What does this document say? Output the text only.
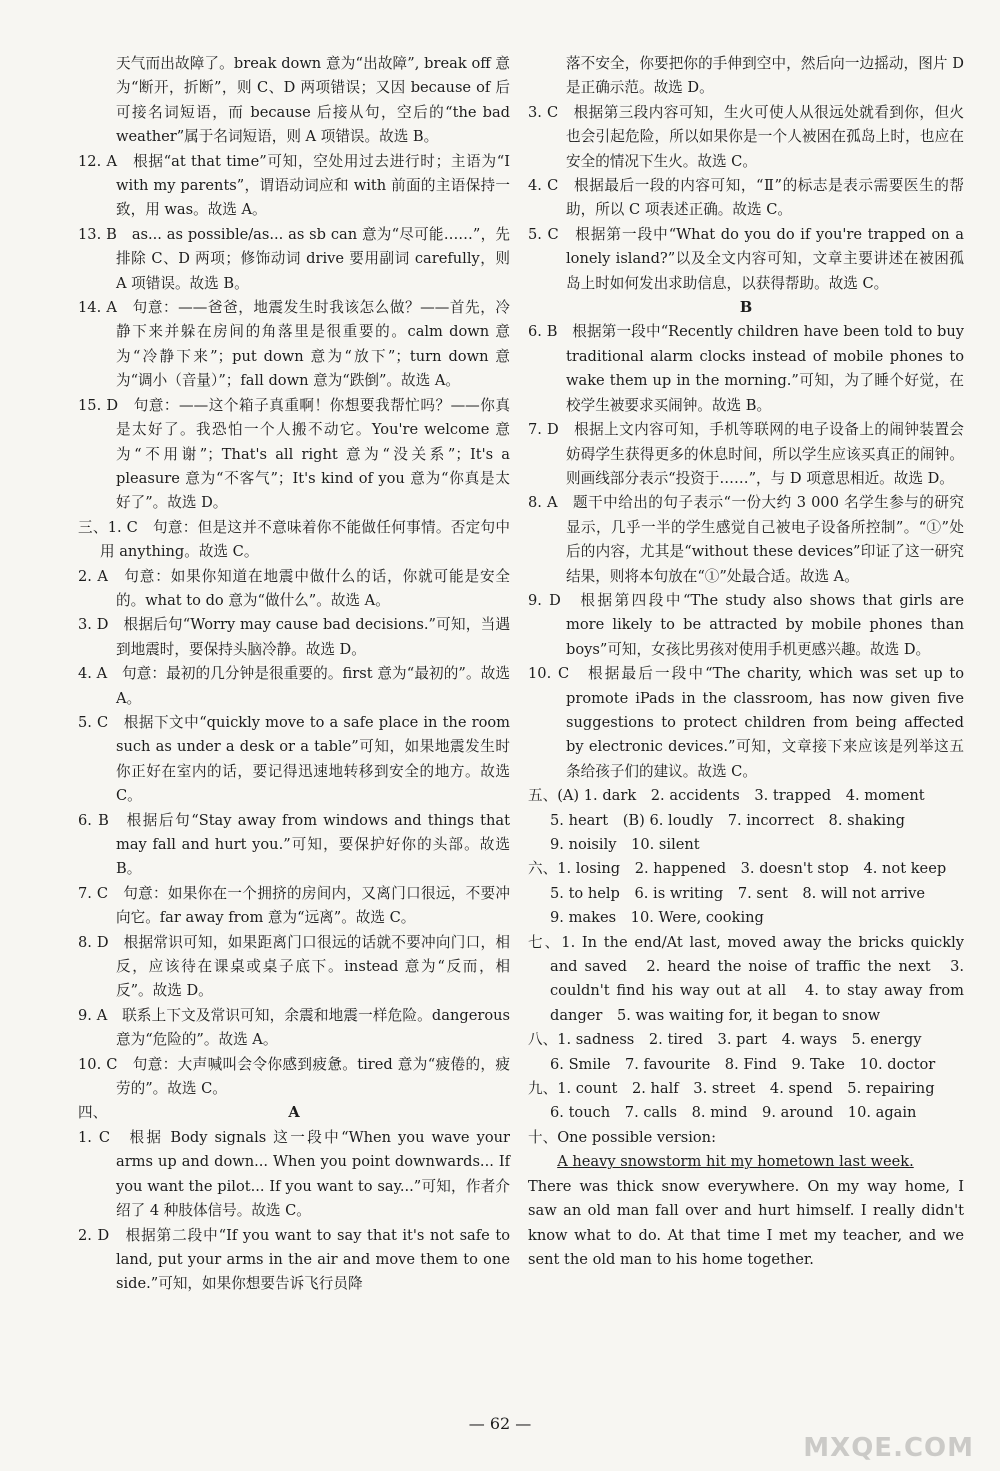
天气而出故障了。break down 意为“出故障”, break off 意为“断开，折断”，则 C、D 两项错误；又因 because of 后可接名词短语，而 because 后接从句，空后的“the bad weather”属于名词短语，则 A 项错误。故选 B。

12. A　根据“at that time”可知，空处用过去进行时；主语为“I with my parents”，谓语动词应和 with 前面的主语保持一致，用 was。故选 A。

13. B　as... as possible/as... as sb can 意为“尽可能……”，先排除 C、D 两项；修饰动词 drive 要用副词 carefully，则 A 项错误。故选 B。

14. A　句意：——爸爸，地震发生时我该怎么做？——首先，冷静下来并躲在房间的角落里是很重要的。calm down 意为“冷静下来”；put down 意为“放下”；turn down 意为“调小（音量）”；fall down 意为“跌倒”。故选 A。

15. D　句意：——这个箱子真重啊！你想要我帮忙吗？——你真是太好了。我恐怕一个人搬不动它。You're welcome 意为“不用谢”；That's all right 意为“没关系”；It's a pleasure 意为“不客气”；It's kind of you 意为“你真是太好了”。故选 D。

三、1. C　句意：但是这并不意味着你不能做任何事情。否定句中用 anything。故选 C。

2. A　句意：如果你知道在地震中做什么的话，你就可能是安全的。what to do 意为“做什么”。故选 A。

3. D　根据后句“Worry may cause bad decisions.”可知，当遇到地震时，要保持头脑冷静。故选 D。

4. A　句意：最初的几分钟是很重要的。first 意为“最初的”。故选 A。

5. C　根据下文中“quickly move to a safe place in the room such as under a desk or a table”可知，如果地震发生时你正好在室内的话，要记得迅速地转移到安全的地方。故选 C。

6. B　根据后句“Stay away from windows and things that may fall and hurt you.”可知，要保护好你的头部。故选 B。

7. C　句意：如果你在一个拥挤的房间内，又离门口很远，不要冲向它。far away from 意为“远离”。故选 C。

8. D　根据常识可知，如果距离门口很远的话就不要冲向门口，相反，应该待在课桌或桌子底下。instead 意为“反而，相反”。故选 D。

9. A　联系上下文及常识可知，余震和地震一样危险。dangerous 意为“危险的”。故选 A。

10. C　句意：大声喊叫会令你感到疲惫。tired 意为“疲倦的，疲劳的”。故选 C。

四、	A

1. C　根据 Body signals 这一段中“When you wave your arms up and down... When you point downwards... If you want the pilot... If you want to say...”可知，作者介绍了 4 种肢体信号。故选 C。

2. D　根据第二段中“If you want to say that it's not safe to land, put your arms in the air and move them to one side.”可知，如果你想要告诉飞行员降

落不安全，你要把你的手伸到空中，然后向一边摇动，图片 D 是正确示范。故选 D。

3. C　根据第三段内容可知，生火可使人从很远处就看到你，但火也会引起危险，所以如果你是一个人被困在孤岛上时，也应在安全的情况下生火。故选 C。

4. C　根据最后一段的内容可知，“Ⅱ”的标志是表示需要医生的帮助，所以 C 项表述正确。故选 C。

5. C　根据第一段中“What do you do if you're trapped on a lonely island?”以及全文内容可知，文章主要讲述在被困孤岛上时如何发出求助信息，以获得帮助。故选 C。

B

6. B　根据第一段中“Recently children have been told to buy traditional alarm clocks instead of mobile phones to wake them up in the morning.”可知，为了睡个好觉，在校学生被要求买闹钟。故选 B。

7. D　根据上文内容可知，手机等联网的电子设备上的闹钟装置会妨碍学生获得更多的休息时间，所以学生应该买真正的闹钟。则画线部分表示“投资于……”，与 D 项意思相近。故选 D。

8. A　题干中给出的句子表示“一份大约 3 000 名学生参与的研究显示，几乎一半的学生感觉自己被电子设备所控制”。“①”处后的内容，尤其是“without these devices”印证了这一研究结果，则将本句放在“①”处最合适。故选 A。

9. D　根据第四段中“The study also shows that girls are more likely to be attracted by mobile phones than boys”可知，女孩比男孩对使用手机更感兴趣。故选 D。

10. C　根据最后一段中“The charity, which was set up to promote iPads in the classroom, has now given five suggestions to protect children from being affected by electronic devices.”可知，文章接下来应该是列举这五条给孩子们的建议。故选 C。

五、(A) 1. dark　2. accidents　3. trapped　4. moment

5. heart　(B) 6. loudly　7. incorrect　8. shaking

9. noisily　10. silent

六、1. losing　2. happened　3. doesn't stop　4. not keep

5. to help　6. is writing　7. sent　8. will not arrive

9. makes　10. Were, cooking

七、1. In the end/At last, moved away the bricks quickly and saved　2. heard the noise of traffic the next　3. couldn't find his way out at all　4. to stay away from danger　5. was waiting for, it began to snow

八、1. sadness　2. tired　3. part　4. ways　5. energy

6. Smile　7. favourite　8. Find　9. Take　10. doctor

九、1. count　2. half　3. street　4. spend　5. repairing

6. touch　7. calls　8. mind　9. around　10. again

十、One possible version:

A heavy snowstorm hit my hometown last week.

There was thick snow everywhere. On my way home, I saw an old man fall over and hurt himself. I really didn't know what to do. At that time I met my teacher, and we sent the old man to his home together.

— 62 —
MXQE.COM
